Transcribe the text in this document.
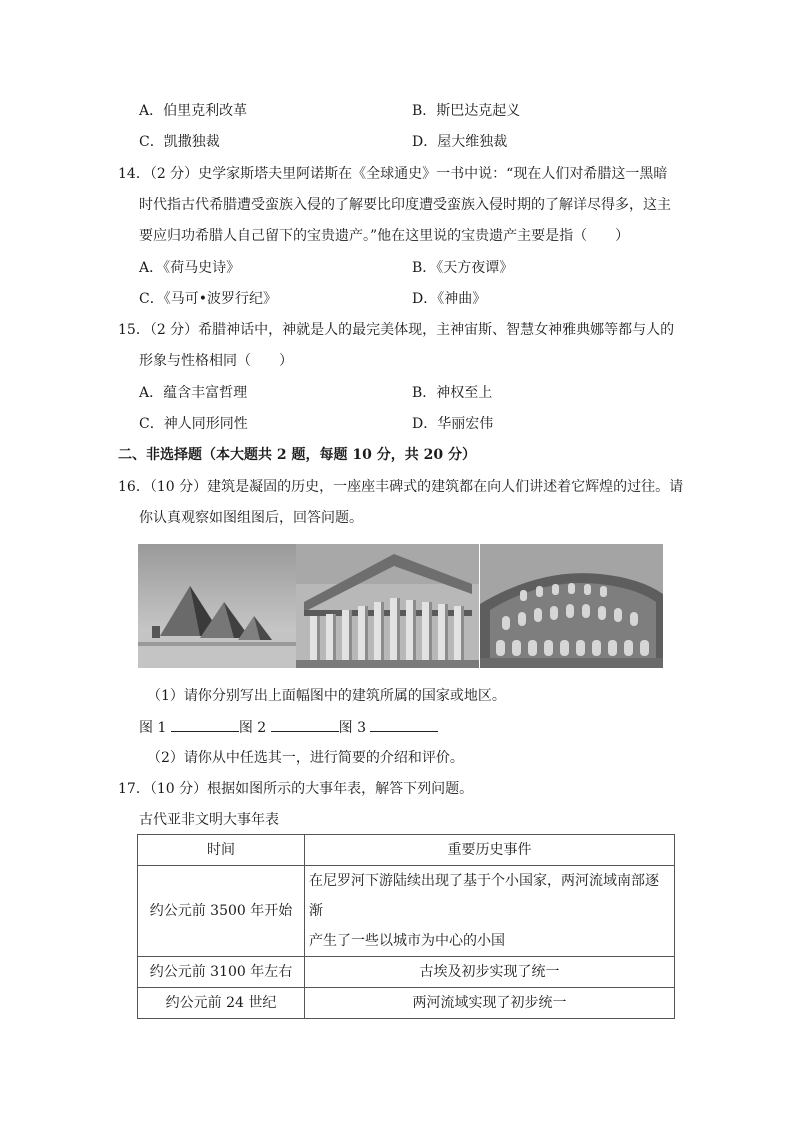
A．伯里克利改革	B．斯巴达克起义
C．凯撒独裁	D．屋大维独裁
14．（2 分）史学家斯塔夫里阿诺斯在《全球通史》一书中说：“现在人们对希腊这一黑暗
时代指古代希腊遭受蛮族入侵的了解要比印度遭受蛮族入侵时期的了解详尽得多，这主
要应归功希腊人自己留下的宝贵遗产。”他在这里说的宝贵遗产主要是指（　　）
A．《荷马史诗》	B．《天方夜谭》
C．《马可•波罗行纪》	D．《神曲》
15．（2 分）希腊神话中，神就是人的最完美体现，主神宙斯、智慧女神雅典娜等都与人的
形象与性格相同（　　）
A．蕴含丰富哲理	B．神权至上
C．神人同形同性	D．华丽宏伟
二、非选择题（本大题共 2 题，每题 10 分，共 20 分）
16．（10 分）建筑是凝固的历史，一座座丰碑式的建筑都在向人们讲述着它辉煌的过往。请
你认真观察如图组图后，回答问题。
（1）请你分别写出上面幅图中的建筑所属的国家或地区。
图 1	图 2	图 3
（2）请你从中任选其一，进行简要的介绍和评价。
17．（10 分）根据如图所示的大事年表，解答下列问题。
古代亚非文明大事年表
时间	重要历史事件
约公元前 3500 年开始	在尼罗河下游陆续出现了基于个小国家，两河流域南部逐渐
产生了一些以城市为中心的小国

约公元前 3100 年左右	古埃及初步实现了统一
约公元前 24 世纪	两河流域实现了初步统一
